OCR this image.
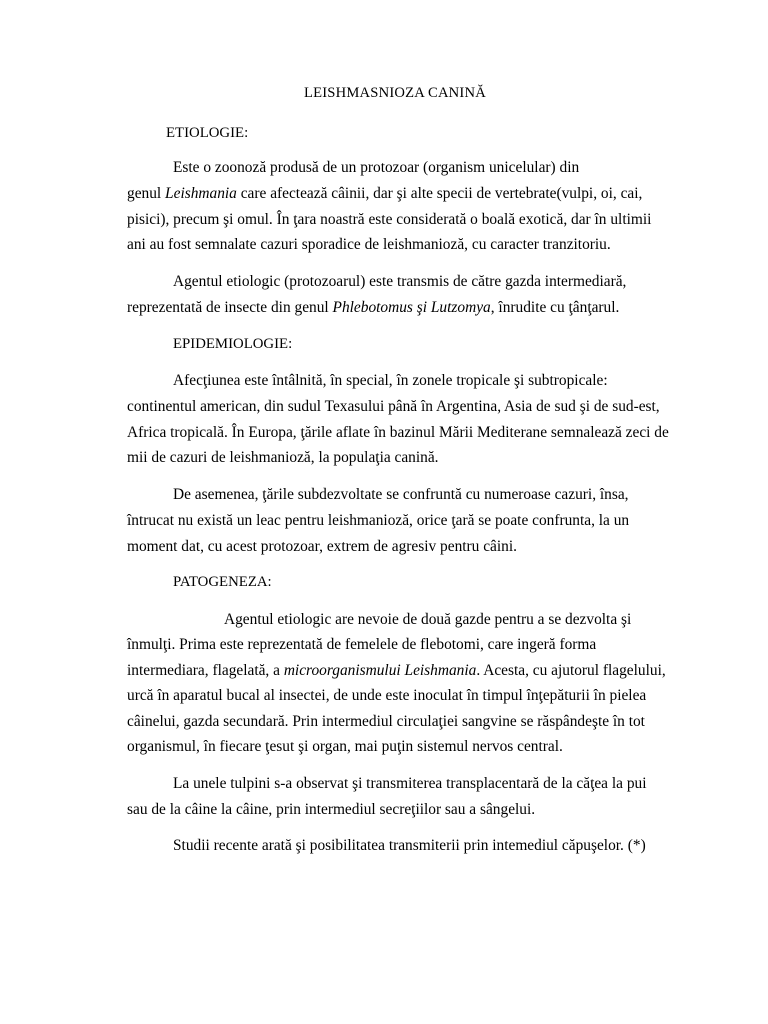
LEISHMASNIOZA CANINĂ
ETIOLOGIE:
Este o zoonoză produsă de un protozoar (organism unicelular) din
genul Leishmania care afectează câinii, dar şi alte specii de vertebrate(vulpi, oi, cai,
pisici), precum şi omul. În ţara noastră este considerată o boală exotică, dar în ultimii
ani au fost semnalate cazuri sporadice de leishmanioză, cu caracter tranzitoriu.
Agentul etiologic (protozoarul) este transmis de către gazda intermediară,
reprezentată de insecte din genul Phlebotomus şi Lutzomya, înrudite cu ţânţarul.
EPIDEMIOLOGIE:
Afecţiunea este întâlnită, în special, în zonele tropicale şi subtropicale:
continentul american, din sudul Texasului până în Argentina, Asia de sud şi de sud-est,
Africa tropicală. În Europa, ţările aflate în bazinul Mării Mediterane semnalează zeci de
mii de cazuri de leishmanioză, la populaţia canină.
De asemenea, ţările subdezvoltate se confruntă cu numeroase cazuri, însa,
întrucat nu există un leac pentru leishmanioză, orice ţară se poate confrunta, la un
moment dat, cu acest protozoar, extrem de agresiv pentru câini.
PATOGENEZA:
Agentul etiologic are nevoie de două gazde pentru a se dezvolta şi
înmulţi. Prima este reprezentată de femelele de flebotomi, care ingeră forma
intermediara, flagelată, a microorganismului Leishmania. Acesta, cu ajutorul flagelului,
urcă în aparatul bucal al insectei, de unde este inoculat în timpul înţepăturii în pielea
câinelui, gazda secundară. Prin intermediul circulaţiei sangvine se răspândeşte în tot
organismul, în fiecare ţesut şi organ, mai puţin sistemul nervos central.
La unele tulpini s-a observat şi transmiterea transplacentară de la căţea la pui
sau de la câine la câine, prin intermediul secreţiilor sau a sângelui.
Studii recente arată şi posibilitatea transmiterii prin intemediul căpuşelor. (*)
